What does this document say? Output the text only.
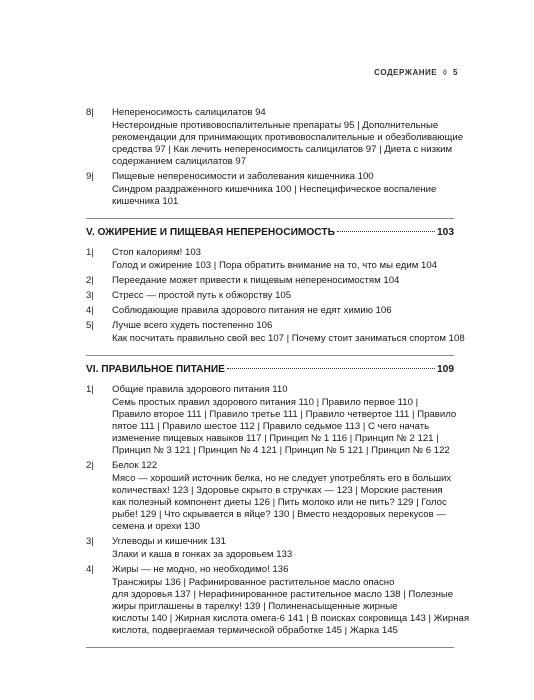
СОДЕРЖАНИЕ ◊ 5
8|	Непереносимость салицилатов 94
Нестероидные противовоспалительные препараты 95 | Дополнительные
рекомендации для принимающих противовоспалительные и обезболивающие
средства 97 | Как лечить непереносимость салицилатов 97 | Диета с низким
содержанием салицилатов 97
9|	Пищевые непереносимости и заболевания кишечника 100
Синдром раздраженного кишечника 100 | Неспецифическое воспаление
кишечника 101
V. ОЖИРЕНИЕ И ПИЩЕВАЯ НЕПЕРЕНОСИМОСТЬ	103
1|	Стоп калориям! 103
Голод и ожирение 103 | Пора обратить внимание на то, что мы едим 104
2|	Переедание может привести к пищевым непереносимостям 104
3|	Стресс — простой путь к обжорству 105
4|	Соблюдающие правила здорового питания не едят химию 106
5|	Лучше всего худеть постепенно 106
Как посчитать правильно свой вес 107 | Почему стоит заниматься спортом 108
VI. ПРАВИЛЬНОЕ ПИТАНИЕ	109
1|	Общие правила здорового питания 110
Семь простых правил здорового питания 110 | Правило первое 110 |
Правило второе 111 | Правило третье 111 | Правило четвертое 111 | Правило
пятое 111 | Правило шестое 112 | Правило седьмое 113 | С чего начать
изменение пищевых навыков 117 | Принцип № 1 116 | Принцип № 2 121 |
Принцип № 3 121 | Принцип № 4 121 | Принцип № 5 121 | Принцип № 6 122
2|	Белок 122
Мясо — хороший источник белка, но не следует употреблять его в больших
количествах! 123 | Здоровье скрыто в стручках — 123 | Морские растения
как полезный компонент диеты 126 | Пить молоко или не пить? 129 | Голос
рыбе! 129 | Что скрывается в яйце? 130 | Вместо нездоровых перекусов —
семена и орехи 130
3|	Углеводы и кишечник 131
Злаки и каша в гонках за здоровьем 133
4|	Жиры — не модно, но необходимо! 136
Трансжиры 136 | Рафинированное растительное масло опасно
для здоровья 137 | Нерафинированное растительное масло 138 | Полезные
жиры приглашены в тарелку! 139 | Полиненасыщенные жирные
кислоты 140 | Жирная кислота омега-6 141 | В поисках сокровища 143 | Жирная
кислота, подвергаемая термической обработке 145 | Жарка 145
